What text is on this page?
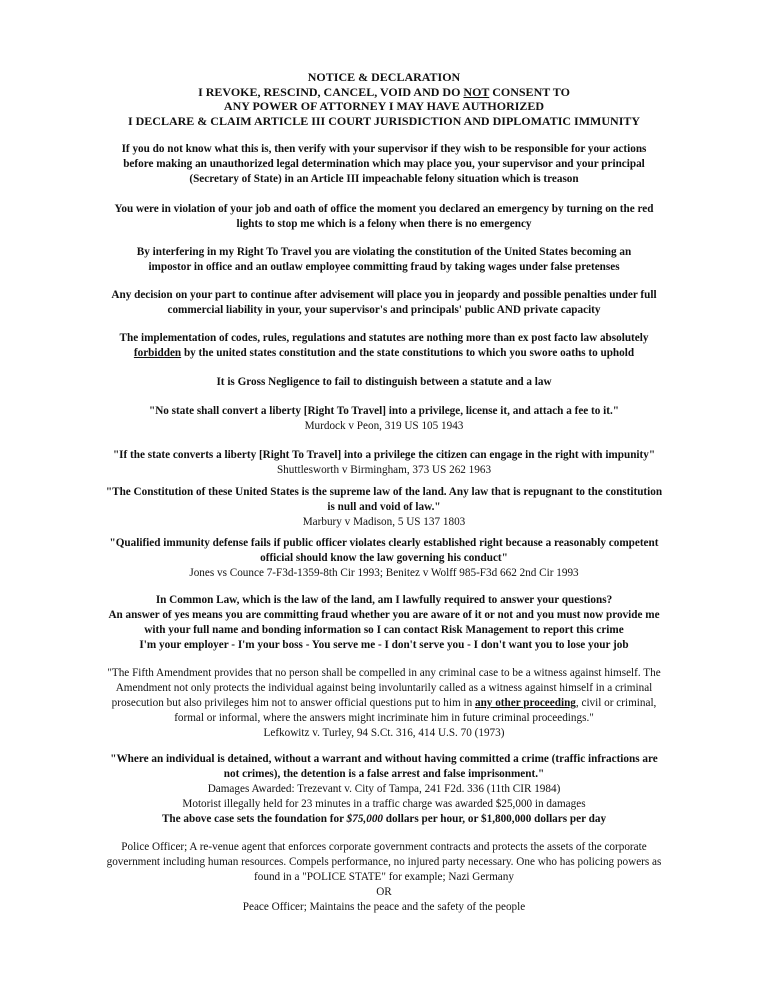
NOTICE & DECLARATION
I REVOKE, RESCIND, CANCEL, VOID AND DO NOT CONSENT TO
ANY POWER OF ATTORNEY I MAY HAVE AUTHORIZED
I DECLARE & CLAIM ARTICLE III COURT JURISDICTION AND DIPLOMATIC IMMUNITY
If you do not know what this is, then verify with your supervisor if they wish to be responsible for your actions
before making an unauthorized legal determination which may place you, your supervisor and your principal
(Secretary of State) in an Article III impeachable felony situation which is treason
You were in violation of your job and oath of office the moment you declared an emergency by turning on the red
lights to stop me which is a felony when there is no emergency
By interfering in my Right To Travel you are violating the constitution of the United States becoming an
impostor in office and an outlaw employee committing fraud by taking wages under false pretenses
Any decision on your part to continue after advisement will place you in jeopardy and possible penalties under full
commercial liability in your, your supervisor's and principals' public AND private capacity
The implementation of codes, rules, regulations and statutes are nothing more than ex post facto law absolutely
forbidden by the united states constitution and the state constitutions to which you swore oaths to uphold
It is Gross Negligence to fail to distinguish between a statute and a law
"No state shall convert a liberty [Right To Travel] into a privilege, license it, and attach a fee to it."
Murdock v Peon, 319 US 105 1943
"If the state converts a liberty [Right To Travel] into a privilege the citizen can engage in the right with impunity"
Shuttlesworth v Birmingham, 373 US 262 1963
"The Constitution of these United States is the supreme law of the land. Any law that is repugnant to the constitution
is null and void of law."
Marbury v Madison, 5 US 137 1803
"Qualified immunity defense fails if public officer violates clearly established right because a reasonably competent
official should know the law governing his conduct"
Jones vs Counce 7-F3d-1359-8th Cir 1993; Benitez v Wolff 985-F3d 662 2nd Cir 1993
In Common Law, which is the law of the land, am I lawfully required to answer your questions?
An answer of yes means you are committing fraud whether you are aware of it or not and you must now provide me
with your full name and bonding information so I can contact Risk Management to report this crime
I'm your employer - I'm your boss - You serve me - I don't serve you - I don't want you to lose your job
"The Fifth Amendment provides that no person shall be compelled in any criminal case to be a witness against himself. The
Amendment not only protects the individual against being involuntarily called as a witness against himself in a criminal
prosecution but also privileges him not to answer official questions put to him in any other proceeding, civil or criminal,
formal or informal, where the answers might incriminate him in future criminal proceedings."
Lefkowitz v. Turley, 94 S.Ct. 316, 414 U.S. 70 (1973)
"Where an individual is detained, without a warrant and without having committed a crime (traffic infractions are
not crimes), the detention is a false arrest and false imprisonment."
Damages Awarded: Trezevant v. City of Tampa, 241 F2d. 336 (11th CIR 1984)
Motorist illegally held for 23 minutes in a traffic charge was awarded $25,000 in damages
The above case sets the foundation for $75,000 dollars per hour, or $1,800,000 dollars per day
Police Officer; A re-venue agent that enforces corporate government contracts and protects the assets of the corporate
government including human resources. Compels performance, no injured party necessary. One who has policing powers as
found in a "POLICE STATE" for example; Nazi Germany
OR
Peace Officer; Maintains the peace and the safety of the people
